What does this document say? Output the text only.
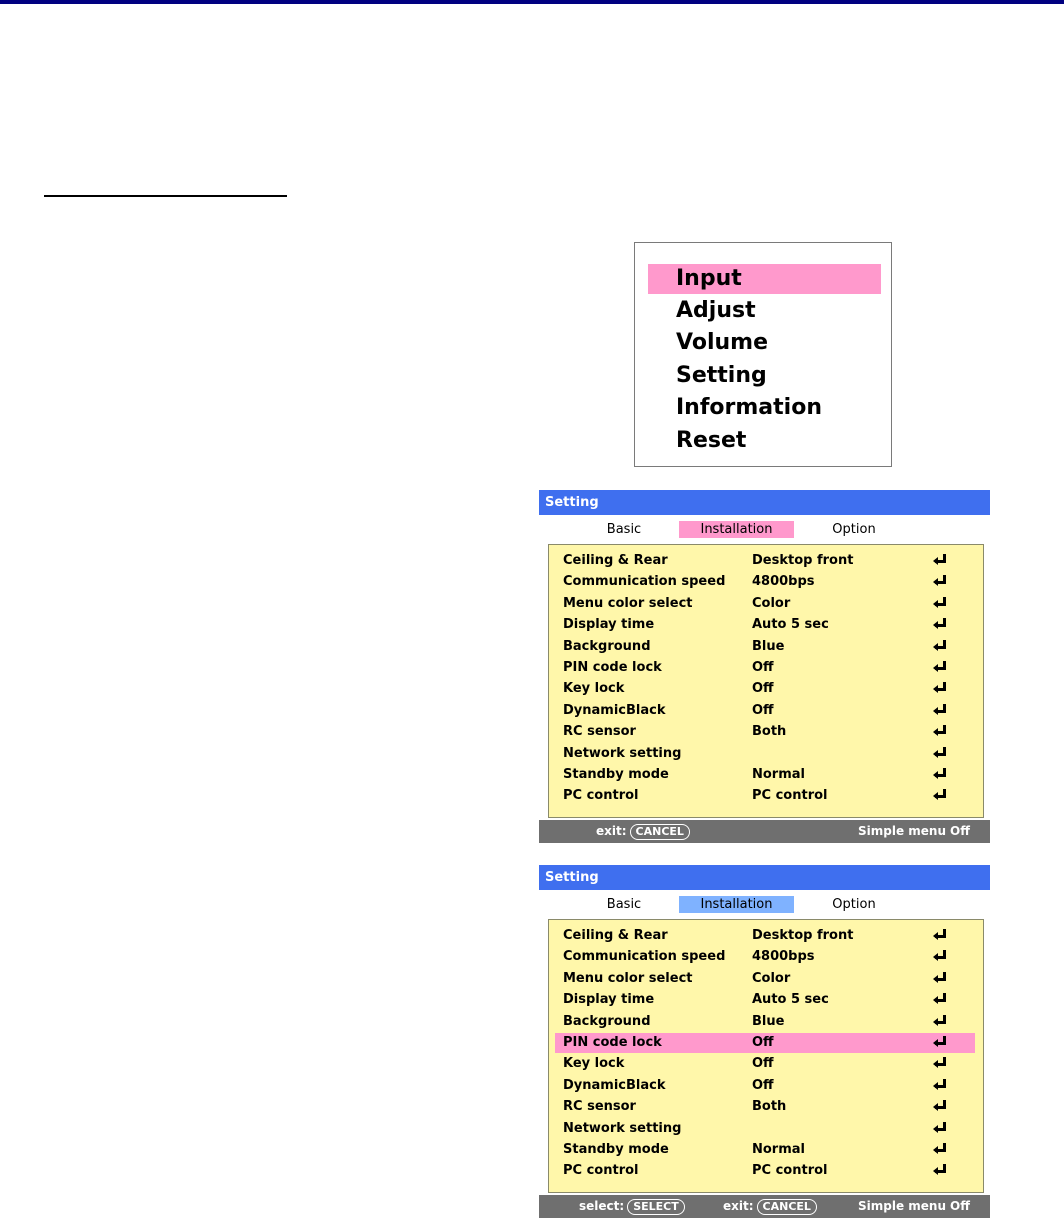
Input
Adjust
Volume
Setting
Information
Reset
Setting
Basic	Installation	Option
Ceiling & Rear	Desktop front
Communication speed 4800bps
Menu color select	Color
Display time	Auto 5 sec
Background	Blue
PIN code lock	Off
Key lock	Off
DynamicBlack	Off
RC sensor	Both
Network setting
Standby mode	Normal
PC control	PC control
exit: CANCEL	Simple menu Off
Setting
Basic	Installation	Option
Ceiling & Rear	Desktop front
Communication speed 4800bps
Menu color select	Color
Display time	Auto 5 sec
Background	Blue
PIN code lock	Off
Key lock	Off
DynamicBlack	Off
RC sensor	Both
Network setting
Standby mode	Normal
PC control	PC control
select: SELECT	exit: CANCEL	Simple menu Off
